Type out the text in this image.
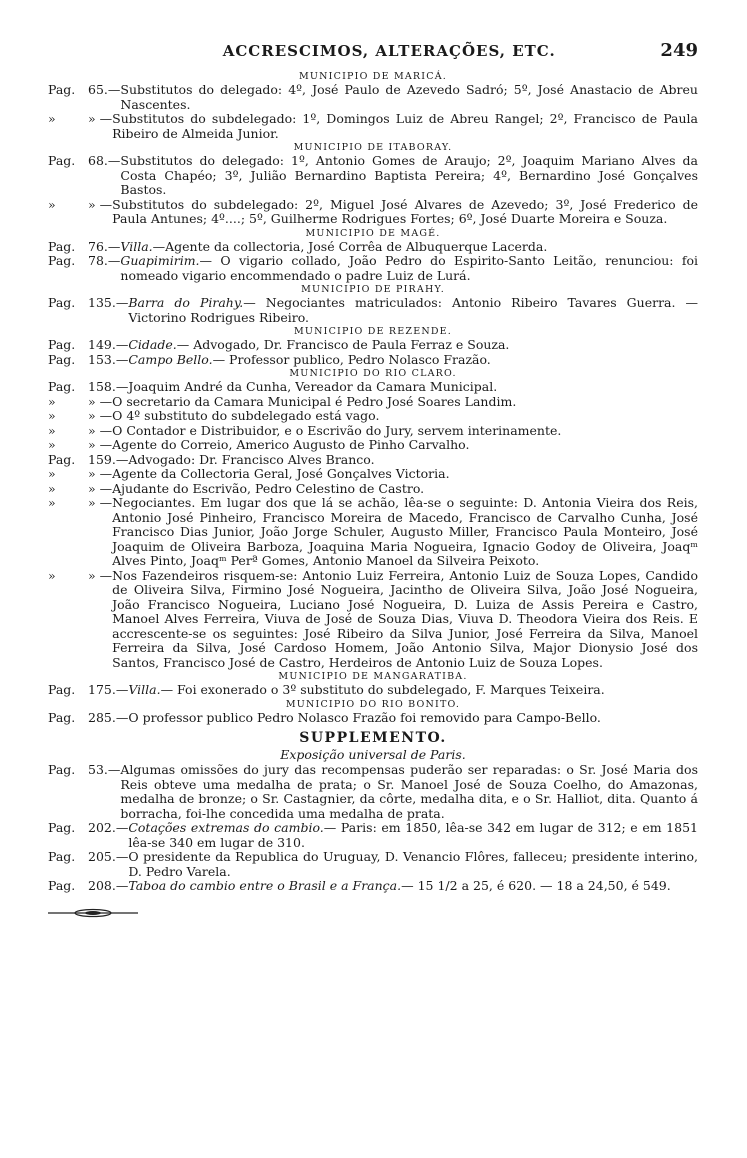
ACCRESCIMOS, ALTERAÇÕES, ETC.	249
MUNICIPIO DE MARICÁ.
Pag.	65.— Substitutos do delegado: 4º, José Paulo de Azevedo Sadró; 5º, José Anastacio de Abreu Nascentes.
»	» — Substitutos do subdelegado: 1º, Domingos Luiz de Abreu Rangel; 2º, Francisco de Paula Ribeiro de Almeida Junior.
MUNICIPIO DE ITABORAY.
Pag.	68.— Substitutos do delegado: 1º, Antonio Gomes de Araujo; 2º, Joaquim Mariano Alves da Costa Chapéo; 3º, Julião Bernardino Baptista Pereira; 4º, Bernardino José Gonçalves Bastos.
»	» — Substitutos do subdelegado: 2º, Miguel José Alvares de Azevedo; 3º, José Frederico de Paula Antunes; 4º....; 5º, Guilherme Rodrigues Fortes; 6º, José Duarte Moreira e Souza.
MUNICIPIO DE MAGÉ.
Pag.	76.— Villa.—Agente da collectoria, José Corrêa de Albuquerque Lacerda.
Pag.	78.— Guapimirim.— O vigario collado, João Pedro do Espirito-Santo Leitão, renunciou: foi nomeado vigario encommendado o padre Luiz de Lurá.
MUNICIPIO DE PIRAHY.
Pag.	135.— Barra do Pirahy.— Negociantes matriculados: Antonio Ribeiro Tavares Guerra. — Victorino Rodrigues Ribeiro.
MUNICIPIO DE REZENDE.
Pag.	149.— Cidade.— Advogado, Dr. Francisco de Paula Ferraz e Souza.
Pag.	153.— Campo Bello.— Professor publico, Pedro Nolasco Frazão.
MUNICIPIO DO RIO CLARO.
Pag.	158.— Joaquim André da Cunha, Vereador da Camara Municipal.
»	» — O secretario da Camara Municipal é Pedro José Soares Landim.
»	» — O 4º substituto do subdelegado está vago.
»	» — O Contador e Distribuidor, e o Escrivão do Jury, servem interinamente.
»	» — Agente do Correio, Americo Augusto de Pinho Carvalho.
Pag.	159.— Advogado: Dr. Francisco Alves Branco.
»	» — Agente da Collectoria Geral, José Gonçalves Victoria.
»	» — Ajudante do Escrivão, Pedro Celestino de Castro.
»	» — Negociantes. Em lugar dos que lá se achão, lêa-se o seguinte: D. Antonia Vieira dos Reis, Antonio José Pinheiro, Francisco Moreira de Macedo, Francisco de Carvalho Cunha, José Francisco Dias Junior, João Jorge Schuler, Augusto Miller, Francisco Paula Monteiro, José Joaquim de Oliveira Barboza, Joaquina Maria Nogueira, Ignacio Godoy de Oliveira, Joaqᵐ Alves Pinto, Joaqᵐ Perª Gomes, Antonio Manoel da Silveira Peixoto.
»	» — Nos Fazendeiros risquem-se: Antonio Luiz Ferreira, Antonio Luiz de Souza Lopes, Candido de Oliveira Silva, Firmino José Nogueira, Jacintho de Oliveira Silva, João José Nogueira, João Francisco Nogueira, Luciano José Nogueira, D. Luiza de Assis Pereira e Castro, Manoel Alves Ferreira, Viuva de José de Souza Dias, Viuva D. Theodora Vieira dos Reis. E accrescente-se os seguintes: José Ribeiro da Silva Junior, José Ferreira da Silva, Manoel Ferreira da Silva, José Cardoso Homem, João Antonio Silva, Major Dionysio José dos Santos, Francisco José de Castro, Herdeiros de Antonio Luiz de Souza Lopes.
MUNICIPIO DE MANGARATIBA.
Pag.	175.— Villa.— Foi exonerado o 3º substituto do subdelegado, F. Marques Teixeira.
MUNICIPIO DO RIO BONITO.
Pag.	285.— O professor publico Pedro Nolasco Frazão foi removido para Campo-Bello.
SUPPLEMENTO.
Exposição universal de Paris.
Pag.	53.— Algumas omissões do jury das recompensas puderão ser reparadas: o Sr. José Maria dos Reis obteve uma medalha de prata; o Sr. Manoel José de Souza Coelho, do Amazonas, medalha de bronze; o Sr. Castagnier, da côrte, medalha dita, e o Sr. Halliot, dita. Quanto á borracha, foi-lhe concedida uma medalha de prata.
Pag.	202.— Cotações extremas do cambio.— Paris: em 1850, lêa-se 342 em lugar de 312; e em 1851 lêa-se 340 em lugar de 310.
Pag.	205.— O presidente da Republica do Uruguay, D. Venancio Flôres, falleceu; presidente interino, D. Pedro Varela.
Pag.	208.— Taboa do cambio entre o Brasil e a França.— 15 1/2 a 25, é 620. — 18 a 24,50, é 549.
